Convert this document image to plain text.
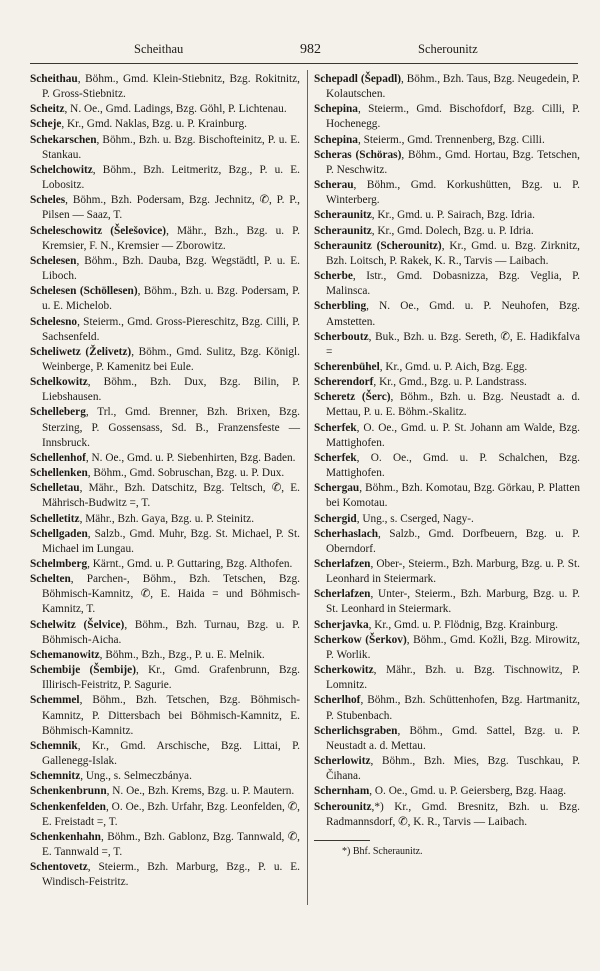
Scheithau	982	Scherounitz

Scheithau, Böhm., Gmd. Klein-Stiebnitz, Bzg. Rokitnitz, P. Gross-Stiebnitz.

Scheitz, N. Oe., Gmd. Ladings, Bzg. Göhl, P. Lichtenau.

Scheje, Kr., Gmd. Naklas, Bzg. u. P. Krainburg.

Schekarschen, Böhm., Bzh. u. Bzg. Bischofteinitz, P. u. E. Stankau.

Schelchowitz, Böhm., Bzh. Leitmeritz, Bzg., P. u. E. Lobositz.

Scheles, Böhm., Bzh. Podersam, Bzg. Jechnitz, ✆, P. P., Pilsen — Saaz, T.

Scheleschowitz (Šelešovice), Mähr., Bzh., Bzg. u. P. Kremsier, F. N., Kremsier — Zborowitz.

Schelesen, Böhm., Bzh. Dauba, Bzg. Wegstädtl, P. u. E. Liboch.

Schelesen (Schöllesen), Böhm., Bzh. u. Bzg. Podersam, P. u. E. Michelob.

Schelesno, Steierm., Gmd. Gross-Piereschitz, Bzg. Cilli, P. Sachsenfeld.

Scheliwetz (Želivetz), Böhm., Gmd. Sulitz, Bzg. Königl. Weinberge, P. Kamenitz bei Eule.

Schelkowitz, Böhm., Bzh. Dux, Bzg. Bilin, P. Liebshausen.

Schelleberg, Trl., Gmd. Brenner, Bzh. Brixen, Bzg. Sterzing, P. Gossensass, Sd. B., Franzensfeste — Innsbruck.

Schellenhof, N. Oe., Gmd. u. P. Siebenhirten, Bzg. Baden.

Schellenken, Böhm., Gmd. Sobruschan, Bzg. u. P. Dux.

Schelletau, Mähr., Bzh. Datschitz, Bzg. Teltsch, ✆, E. Mährisch-Budwitz =, T.

Schelletitz, Mähr., Bzh. Gaya, Bzg. u. P. Steinitz.

Schellgaden, Salzb., Gmd. Muhr, Bzg. St. Michael, P. St. Michael im Lungau.

Schelmberg, Kärnt., Gmd. u. P. Guttaring, Bzg. Althofen.

Schelten, Parchen-, Böhm., Bzh. Tetschen, Bzg. Böhmisch-Kamnitz, ✆, E. Haida = und Böhmisch-Kamnitz, T.

Schelwitz (Šelvice), Böhm., Bzh. Turnau, Bzg. u. P. Böhmisch-Aicha.

Schemanowitz, Böhm., Bzh., Bzg., P. u. E. Melnik.

Schembije (Šembije), Kr., Gmd. Grafenbrunn, Bzg. Illirisch-Feistritz, P. Sagurie.

Schemmel, Böhm., Bzh. Tetschen, Bzg. Böhmisch-Kamnitz, P. Dittersbach bei Böhmisch-Kamnitz, E. Böhmisch-Kamnitz.

Schemnik, Kr., Gmd. Arschische, Bzg. Littai, P. Gallenegg-Islak.

Schemnitz, Ung., s. Selmeczbánya.

Schenkenbrunn, N. Oe., Bzh. Krems, Bzg. u. P. Mautern.

Schenkenfelden, O. Oe., Bzh. Urfahr, Bzg. Leonfelden, ✆, E. Freistadt =, T.

Schenkenhahn, Böhm., Bzh. Gablonz, Bzg. Tannwald, ✆, E. Tannwald =, T.

Schentovetz, Steierm., Bzh. Marburg, Bzg., P. u. E. Windisch-Feistritz.

Schepadl (Šepadl), Böhm., Bzh. Taus, Bzg. Neugedein, P. Kolautschen.

Schepina, Steierm., Gmd. Bischofdorf, Bzg. Cilli, P. Hochenegg.

Schepina, Steierm., Gmd. Trennenberg, Bzg. Cilli.

Scheras (Schöras), Böhm., Gmd. Hortau, Bzg. Tetschen, P. Neschwitz.

Scherau, Böhm., Gmd. Korkushütten, Bzg. u. P. Winterberg.

Scheraunitz, Kr., Gmd. u. P. Sairach, Bzg. Idria.

Scheraunitz, Kr., Gmd. Dolech, Bzg. u. P. Idria.

Scheraunitz (Scherounitz), Kr., Gmd. u. Bzg. Zirknitz, Bzh. Loitsch, P. Rakek, K. R., Tarvis — Laibach.

Scherbe, Istr., Gmd. Dobasnizza, Bzg. Veglia, P. Malinsca.

Scherbling, N. Oe., Gmd. u. P. Neuhofen, Bzg. Amstetten.

Scherboutz, Buk., Bzh. u. Bzg. Sereth, ✆, E. Hadikfalva =

Scherenbühel, Kr., Gmd. u. P. Aich, Bzg. Egg.

Scherendorf, Kr., Gmd., Bzg. u. P. Landstrass.

Scheretz (Šerc), Böhm., Bzh. u. Bzg. Neustadt a. d. Mettau, P. u. E. Böhm.-Skalitz.

Scherfek, O. Oe., Gmd. u. P. St. Johann am Walde, Bzg. Mattighofen.

Scherfek, O. Oe., Gmd. u. P. Schalchen, Bzg. Mattighofen.

Schergau, Böhm., Bzh. Komotau, Bzg. Görkau, P. Platten bei Komotau.

Schergid, Ung., s. Cserged, Nagy-.

Scherhaslach, Salzb., Gmd. Dorfbeuern, Bzg. u. P. Oberndorf.

Scherlafzen, Ober-, Steierm., Bzh. Marburg, Bzg. u. P. St. Leonhard in Steiermark.

Scherlafzen, Unter-, Steierm., Bzh. Marburg, Bzg. u. P. St. Leonhard in Steiermark.

Scherjavka, Kr., Gmd. u. P. Flödnig, Bzg. Krainburg.

Scherkow (Šerkov), Böhm., Gmd. Kožli, Bzg. Mirowitz, P. Worlik.

Scherkowitz, Mähr., Bzh. u. Bzg. Tischnowitz, P. Lomnitz.

Scherlhof, Böhm., Bzh. Schüttenhofen, Bzg. Hartmanitz, P. Stubenbach.

Scherlichsgraben, Böhm., Gmd. Sattel, Bzg. u. P. Neustadt a. d. Mettau.

Scherlowitz, Böhm., Bzh. Mies, Bzg. Tuschkau, P. Čihana.

Schernham, O. Oe., Gmd. u. P. Geiersberg, Bzg. Haag.

Scherounitz,*) Kr., Gmd. Bresnitz, Bzh. u. Bzg. Radmannsdorf, ✆, K. R., Tarvis — Laibach.

*) Bhf. Scheraunitz.
